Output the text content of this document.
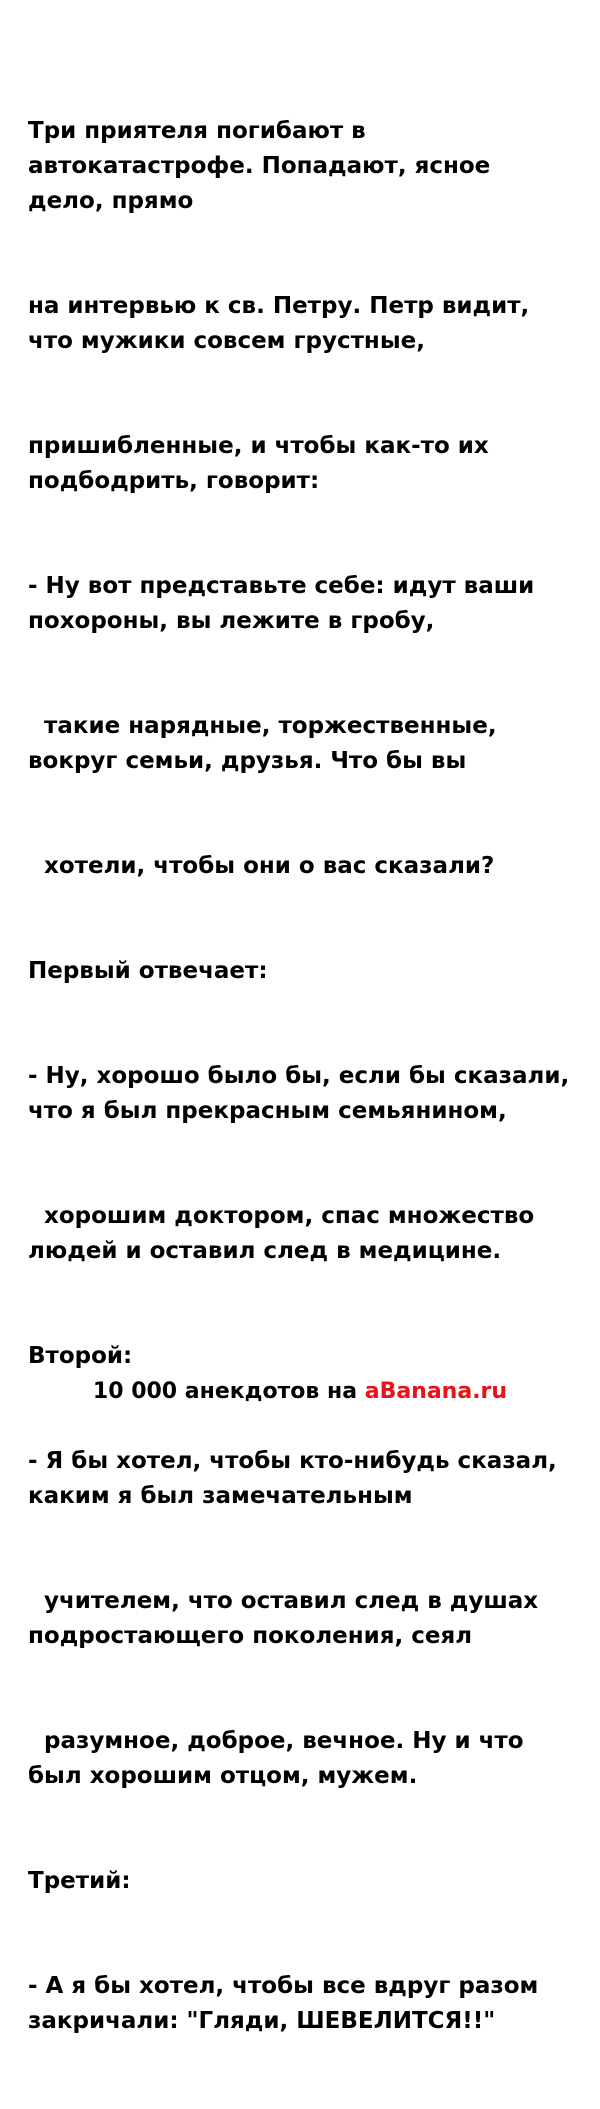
Три приятеля погибают в автокатастрофе. Попадают, ясное дело, прямо

на интервью к св. Петру. Петр видит, что мужики совсем грустные,

пришибленные, и чтобы как-то их подбодрить, говорит:

- Ну вот представьте себе: идут ваши похороны, вы лежите в гробу,

такие нарядные, торжественные, вокруг семьи, друзья. Что бы вы

хотели, чтобы они о вас сказали?

Первый отвечает:

- Ну, хорошо было бы, если бы сказали, что я был прекрасным семьянином,

хорошим доктором, спас множество людей и оставил след в медицине.

Второй:

- Я бы хотел, чтобы кто-нибудь сказал, каким я был замечательным

учителем, что оставил след в душах подростающего поколения, сеял

разумное, доброе, вечное. Ну и что был хорошим отцом, мужем.

Третий:

- А я бы хотел, чтобы все вдруг разом закричали: "Гляди, ШЕВЕЛИТСЯ!!"

10 000 анекдотов на aBanana.ru
